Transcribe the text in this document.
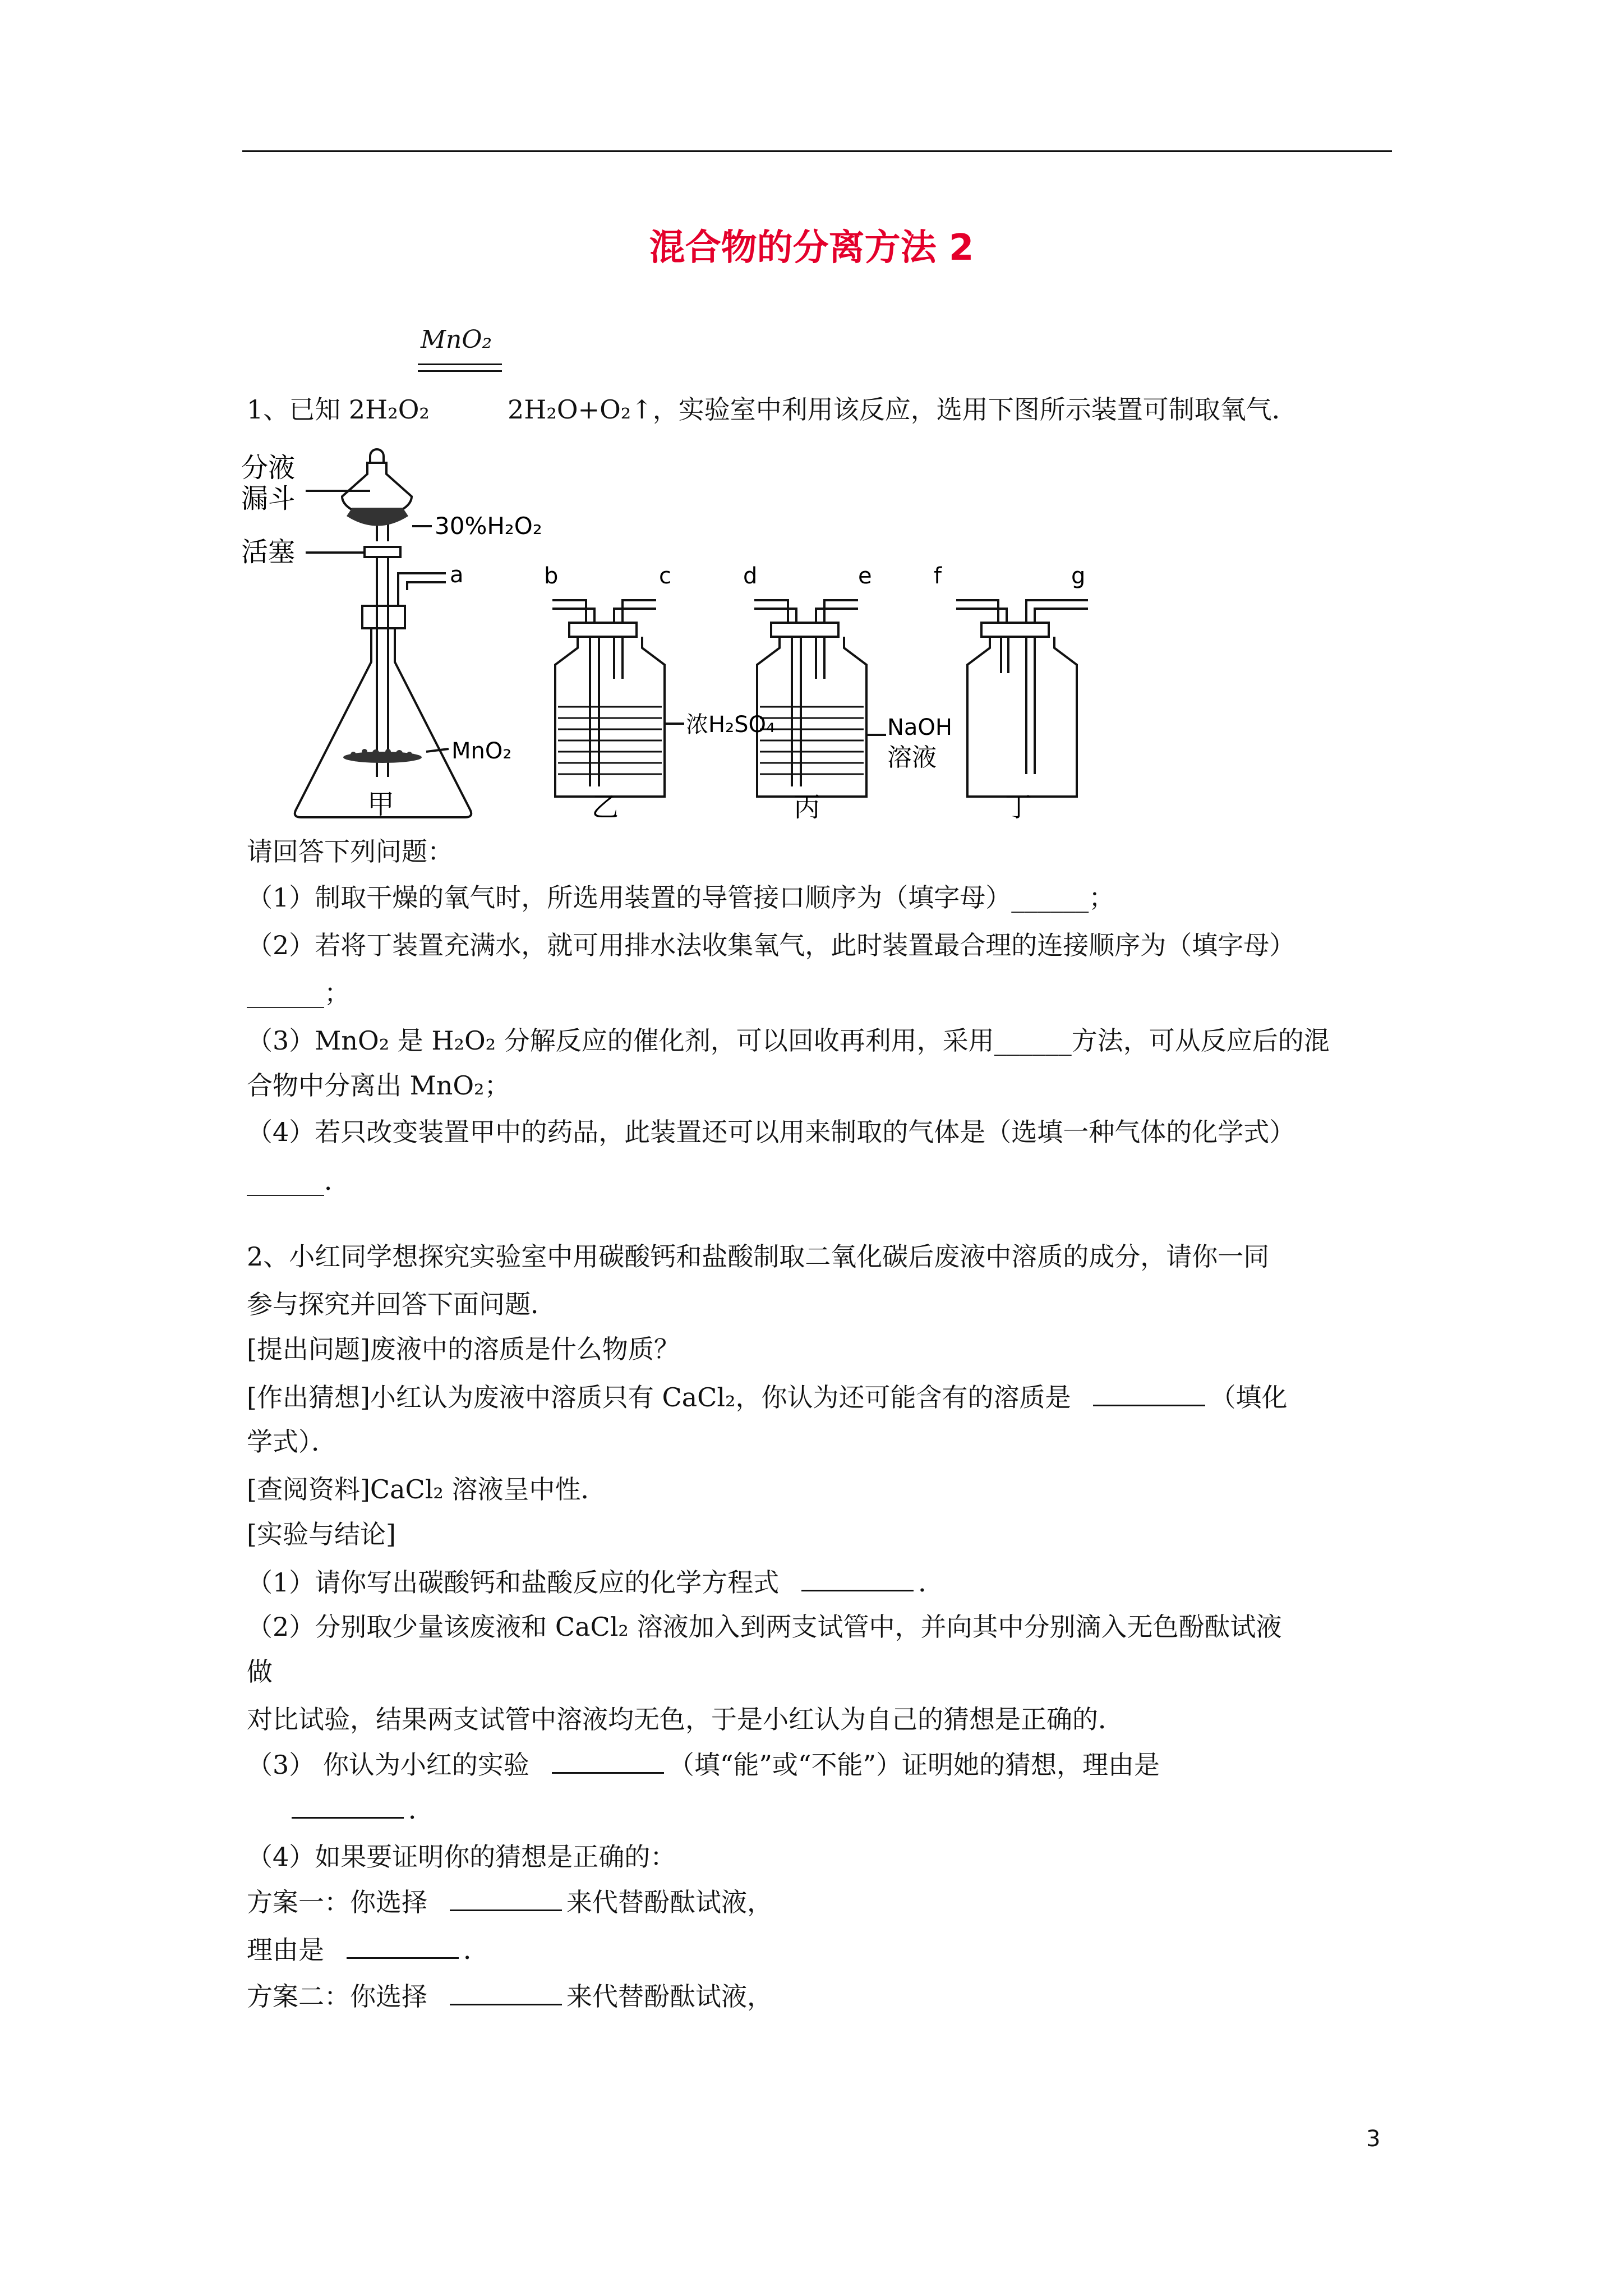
混合物的分离方法 2
MnO₂
1、已知 2H₂O₂	2H₂O+O₂↑，实验室中利用该反应，选用下图所示装置可制取氧气．
分液
漏斗
30%H₂O₂
活塞
a
MnO₂
甲
b	c
浓H₂SO₄
乙
d	e
NaOH
溶液
丙
f	g
丁
请回答下列问题：
（1）制取干燥的氧气时，所选用装置的导管接口顺序为（填字母）______；
（2）若将丁装置充满水，就可用排水法收集氧气，此时装置最合理的连接顺序为（填字母）
______；
（3）MnO₂ 是 H₂O₂ 分解反应的催化剂，可以回收再利用，采用______方法，可从反应后的混
合物中分离出 MnO₂；
（4）若只改变装置甲中的药品，此装置还可以用来制取的气体是（选填一种气体的化学式）
______．
2、小红同学想探究实验室中用碳酸钙和盐酸制取二氧化碳后废液中溶质的成分，请你一同
参与探究并回答下面问题．
[提出问题]废液中的溶质是什么物质？
[作出猜想]小红认为废液中溶质只有 CaCl₂，你认为还可能含有的溶质是	（填化
学式）．
[查阅资料]CaCl₂ 溶液呈中性．
[实验与结论]
（1）请你写出碳酸钙和盐酸反应的化学方程式	．
（2）分别取少量该废液和 CaCl₂ 溶液加入到两支试管中，并向其中分别滴入无色酚酞试液
做
对比试验，结果两支试管中溶液均无色，于是小红认为自己的猜想是正确的．
（3） 你认为小红的实验	（填“能”或“不能”）证明她的猜想，理由是
．
（4）如果要证明你的猜想是正确的：
方案一：你选择	来代替酚酞试液，
理由是	．
方案二：你选择	来代替酚酞试液，
3
